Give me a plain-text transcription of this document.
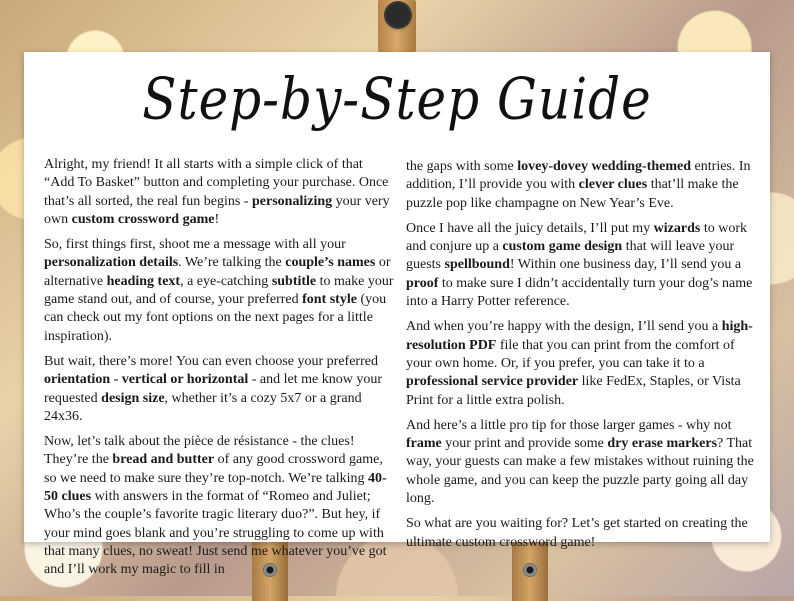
Step-by-Step Guide

Alright, my friend! It all starts with a simple click of that “Add To Basket” button and completing your purchase. Once that’s all sorted, the real fun begins - personalizing your very own custom crossword game!

So, first things first, shoot me a message with all your personalization details. We’re talking the couple’s names or alternative heading text, a eye-catching subtitle to make your game stand out, and of course, your preferred font style (you can check out my font options on the next pages for a little inspiration).

But wait, there’s more! You can even choose your preferred orientation - vertical or horizontal - and let me know your requested design size, whether it’s a cozy 5x7 or a grand 24x36.

Now, let’s talk about the pièce de résistance - the clues! They’re the bread and butter of any good crossword game, so we need to make sure they’re top-notch. We’re talking 40-50 clues with answers in the format of “Romeo and Juliet; Who’s the couple’s favorite tragic literary duo?”. But hey, if your mind goes blank and you’re struggling to come up with that many clues, no sweat! Just send me whatever you’ve got and I’ll work my magic to fill in

the gaps with some lovey-dovey wedding-themed entries. In addition, I’ll provide you with clever clues that’ll make the puzzle pop like champagne on New Year’s Eve.

Once I have all the juicy details, I’ll put my wizards to work and conjure up a custom game design that will leave your guests spellbound! Within one business day, I’ll send you a proof to make sure I didn’t accidentally turn your dog’s name into a Harry Potter reference.

And when you’re happy with the design, I’ll send you a high-resolution PDF file that you can print from the comfort of your own home. Or, if you prefer, you can take it to a professional service provider like FedEx, Staples, or Vista Print for a little extra polish.

And here’s a little pro tip for those larger games - why not frame your print and provide some dry erase markers? That way, your guests can make a few mistakes without ruining the whole game, and you can keep the puzzle party going all day long.

So what are you waiting for? Let’s get started on creating the ultimate custom crossword game!
